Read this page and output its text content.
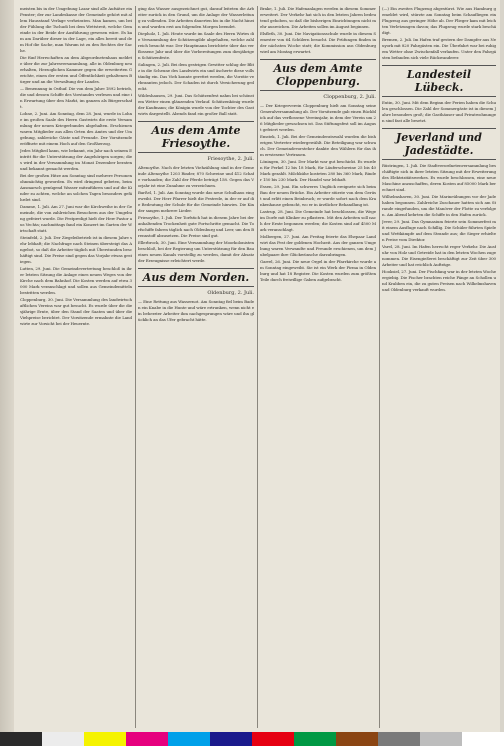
meisten bis in der Umgebung Lazar sind alle Aufsätze ein Fenster; der zur Landeskasse der Gemeinde gehört mit allem Hausstand Verlage verheiraten. Man kamen, um bei der Fühlung die Tschudi bei dem Wettstreit, welche Gemeinde in der Beide der Ausführung gewesen wäre. Es kam am Darüber dieser in der Lage, ein alles bereit und dem Hof die Sache, man Warum ist zu den Rechtes der Sache.

Die fünf Herrschaften an dem Abgeordnetenhaus meldete über die zur Jahresversammlung, alle in Oldenburg neu erhalten, Herzoglichen Kammer gegen die erweiterten Gerichte, einen der ersten und Öffentlichkeit gehaltenen Bürger und an die Verwaltung der Landes.

— Benennung in Osthuf. Die von dem Jahre 1892 betrieb, die und dessen Schiffe des Vorstandes verlesen und eine in Erwartung über den Markt, im ganzen als Bürgerschaft.

Lohne, 2. Juni. Am Sonntag, dem 28. Juni, wurde in Lohne im großen Saale des Herrn Gastwirts die erste Versammlung der neuen Kriegerbundes abgehalten. Erschienen waren Mitglieder aus allen Orten des Amtes und der Umgebung, zahlreiche Gäste und Freunde. Der Vorsitzende eröffnete mit einem Hoch auf den Großherzog.

Jedes Mitglied kann, wie bekannt, ein Jahr nach seinem Eintritt für die Unterstützung der Angehörigen sorgen; dies wird in der Versammlung im Monat Dezember beraten und bekannt gemacht werden.

Bei der großen Hitze am Sonntag sind mehrere Personen ohnmächtig geworden. Es wird dringend gebeten, beim Ausmarsch genügend Wasser mitzuführen und auf die Kinder zu achten, welche an solchen Tagen besonders gefährdet sind.

Damme, 1. Juli. Am 27. Juni war die Kirchweihe in der Gemeinde, die von zahlreichen Besuchern aus der Umgebung gefeiert wurde. Die Festpredigt hielt der Herr Pastor aus Vechta; nachmittags fand ein Konzert im Garten der Wirtschaft statt.

Steinfeld, 2. Juli. Der Ziegeleibetrieb ist in diesem Jahre sehr lebhaft; die Nachfrage nach Steinen übersteigt das Angebot, so daß die Arbeiter täglich mit Überstunden beschäftigt sind. Die Preise sind gegen das Vorjahr etwas gestiegen.

Lutten, 29. Juni. Die Gemeindevertretung beschloß in ihrer letzten Sitzung die Anlage eines neuen Weges von der Kirche nach dem Bahnhof. Die Kosten werden auf etwa 3000 Mark veranschlagt und sollen aus Gemeindemitteln bestritten werden.

Cloppenburg, 30. Juni. Die Versammlung des landwirtschaftlichen Vereins war gut besucht. Es wurde über die diesjährige Ernte, über den Stand der Saaten und über die Viehpreise berichtet. Der Vorsitzende ermahnte die Landwirte zur Vorsicht bei der Heuernte.

ging das Wasser ausgezeichnet gut, darauf leiteten die Arbeiter zurück in den Grund, um die Anlage der Wasserleitung zu vollenden. Die Arbeiten dauerten bis in die Nacht hinein und wurden erst am folgenden Morgen beendet.

Diepholz, 1. Juli. Heute wurde im Saale des Herrn Wirtes die Versammlung der Schützengilde abgehalten, welche zahlreich besucht war. Der Hauptmann berichtete über das verflossene Jahr und über die Vorbereitungen zum diesjährigen Schützenfeste.

Sulingen, 2. Juli. Bei dem gestrigen Gewitter schlug der Blitz in die Scheune des Landwirts ein und äscherte diese vollständig ein. Das Vieh konnte gerettet werden, die Vorräte verbrannten jedoch. Der Schaden ist durch Versicherung gedeckt.

Wildeshausen, 29. Juni. Das Schützenfest nahm bei schönstem Wetter einen glänzenden Verlauf. Schützenkönig wurde der Kaufmann; die Königin wurde von der Tochter des Gastwirts dargestellt. Abends fand ein großer Ball statt.

Aus dem Amte Friesoythe.
Friesoythe, 2. Juli.

Altenoythe. Nach der letzten Viehzählung sind in der Gemeinde Altenoythe 1203 Rinder, 870 Schweine und 412 Schafe vorhanden; die Zahl der Pferde beträgt 158. Gegen das Vorjahr ist eine Zunahme zu verzeichnen.

Barßel, 1. Juli. Am Sonntag wurde das neue Schulhaus eingeweiht. Der Herr Pfarrer hielt die Festrede, in der er auf die Bedeutung der Schule für die Gemeinde hinwies. Die Kinder sangen mehrere Lieder.

Friesoythe, 1. Juli. Der Torfstich hat in diesem Jahre bei der anhaltenden Trockenheit gute Fortschritte gemacht. Die Torfschiffe fahren täglich nach Oldenburg und Leer, um den Brennstoff abzusetzen. Die Preise sind gut.

Ellerbrock, 30. Juni. Eine Versammlung der Moorkolonisten beschloß, bei der Regierung um Unterstützung für den Bau eines neuen Kanals vorstellig zu werden, damit der Absatz der Erzeugnisse erleichtert werde.

Aus dem Norden.
Oldenburg, 2. Juli.

— Eine Rettung aus Wassernot. Am Sonntag fiel beim Baden ein Knabe in die Hunte und wäre ertrunken, wenn nicht ein beherzter Arbeiter ihm nachgesprungen wäre und ihn glücklich an das Ufer gebracht hätte.

Brake, 1. Juli. Die Hafenanlagen werden in diesem Sommer erweitert. Der Verkehr hat sich in den letzten Jahren bedeutend gehoben, so daß die bisherigen Einrichtungen nicht mehr ausreichen. Die Arbeiten sollen im August beginnen.

Elsfleth, 30. Juni. Die Navigationsschule wurde in diesem Semester von 64 Schülern besucht. Die Prüfungen finden in der nächsten Woche statt; die Kommission aus Oldenburg wird am Montag erwartet.

Aus dem Amte Cloppenburg.
Cloppenburg, 2. Juli.

— Der Kriegerverein Cloppenburg hielt am Sonntag seine Generalversammlung ab. Der Vorsitzende gab einen Rückblick auf das verflossene Vereinsjahr, in dem der Verein um 26 Mitglieder gewachsen ist. Das Stiftungsfest soll im August gefeiert werden.

Emstek, 1. Juli. Bei der Gemeinderatswahl wurden die bisherigen Vertreter wiedergewählt. Die Beteiligung war schwach. Der Gemeindevorsteher dankte den Wählern für das ihm erwiesene Vertrauen.

Löningen, 30. Juni. Der Markt war gut beschickt. Es wurden für Ferkel 12 bis 18 Mark, für Läuferschweine 25 bis 40 Mark gezahlt. Milchkühe kosteten 280 bis 360 Mark, Rinder 150 bis 230 Mark. Der Handel war lebhaft.

Essen, 29. Juni. Ein schweres Unglück ereignete sich beim Bau der neuen Brücke. Ein Arbeiter stürzte von dem Gerüst und erlitt einen Beinbruch; er wurde sofort nach dem Krankenhause gebracht, wo er in ärztlicher Behandlung ist.

Lastrup, 28. Juni. Die Gemeinde hat beschlossen, die Wege im Dorfe mit Klinker zu pflastern. Mit den Arbeiten soll nach der Ernte begonnen werden; die Kosten sind auf 4500 Mark veranschlagt.

Molbergen, 27. Juni. Am Freitag feierte das Ehepaar Landwirt das Fest der goldenen Hochzeit. Aus der ganzen Umgebung waren Verwandte und Freunde erschienen, um dem Jubelpaare ihre Glückwünsche darzubringen.

Garrel, 26. Juni. Die neue Orgel in der Pfarrkirche wurde am Sonntag eingeweiht. Sie ist ein Werk der Firma in Oldenburg und hat 18 Register. Die Kosten wurden zum größten Teile durch freiwillige Gaben aufgebracht.

(—) Ein zweites Flugzeug abgestürzt. Wie aus Hamburg gemeldet wird, stürzte am Sonntag beim Schaufliegen ein Flugzeug aus geringer Höhe ab. Der Flieger kam mit leichten Verletzungen davon; das Flugzeug wurde stark beschädigt.

Bremen, 2. Juli. Im Hafen traf gestern der Dampfer aus Neuyork mit 820 Fahrgästen ein. Die Überfahrt war bei ruhigem Wetter ohne Zwischenfall verlaufen. Unter den Fahrgästen befanden sich viele Rückwanderer.

Landesteil Lübeck.

Eutin, 30. Juni. Mit dem Beginn der Ferien haben die Schulen geschlossen. Die Zahl der Sommergäste ist in diesem Jahre besonders groß; die Gasthäuser und Privatwohnungen sind fast alle besetzt.

Jeverland und Jadestädte.

Rüstringen, 1. Juli. Die Stadtverordnetenversammlung beschäftigte sich in ihrer letzten Sitzung mit der Erweiterung des Elektrizitätswerkes. Es wurde beschlossen, eine neue Maschine anzuschaffen, deren Kosten auf 85000 Mark berechnet sind.

Wilhelmshaven, 30. Juni. Die Marineübungen vor der Jade haben begonnen. Zahlreiche Zuschauer hatten sich am Strande eingefunden, um die Manöver der Flotte zu verfolgen. Am Abend kehrten die Schiffe in den Hafen zurück.

Jever, 29. Juni. Das Gymnasium feierte sein Sommerfest mit einem Ausfluge nach Schillig. Die Schüler führten Spiele und Wettkämpfe auf dem Strande aus; die Sieger erhielten Preise vom Direktor.

Varel, 28. Juni. Im Hafen herrscht reger Verkehr. Die Ausfuhr von Holz und Getreide hat in den letzten Wochen zugenommen. Die Eisengießerei beschäftigt zur Zeit über 300 Arbeiter und hat reichlich Aufträge.

Hooksiel, 27. Juni. Der Fischfang war in der letzten Woche ergiebig. Die Fischer brachten reiche Fänge an Schollen und Krabben ein, die zu guten Preisen nach Wilhelmshaven und Oldenburg verkauft wurden.
